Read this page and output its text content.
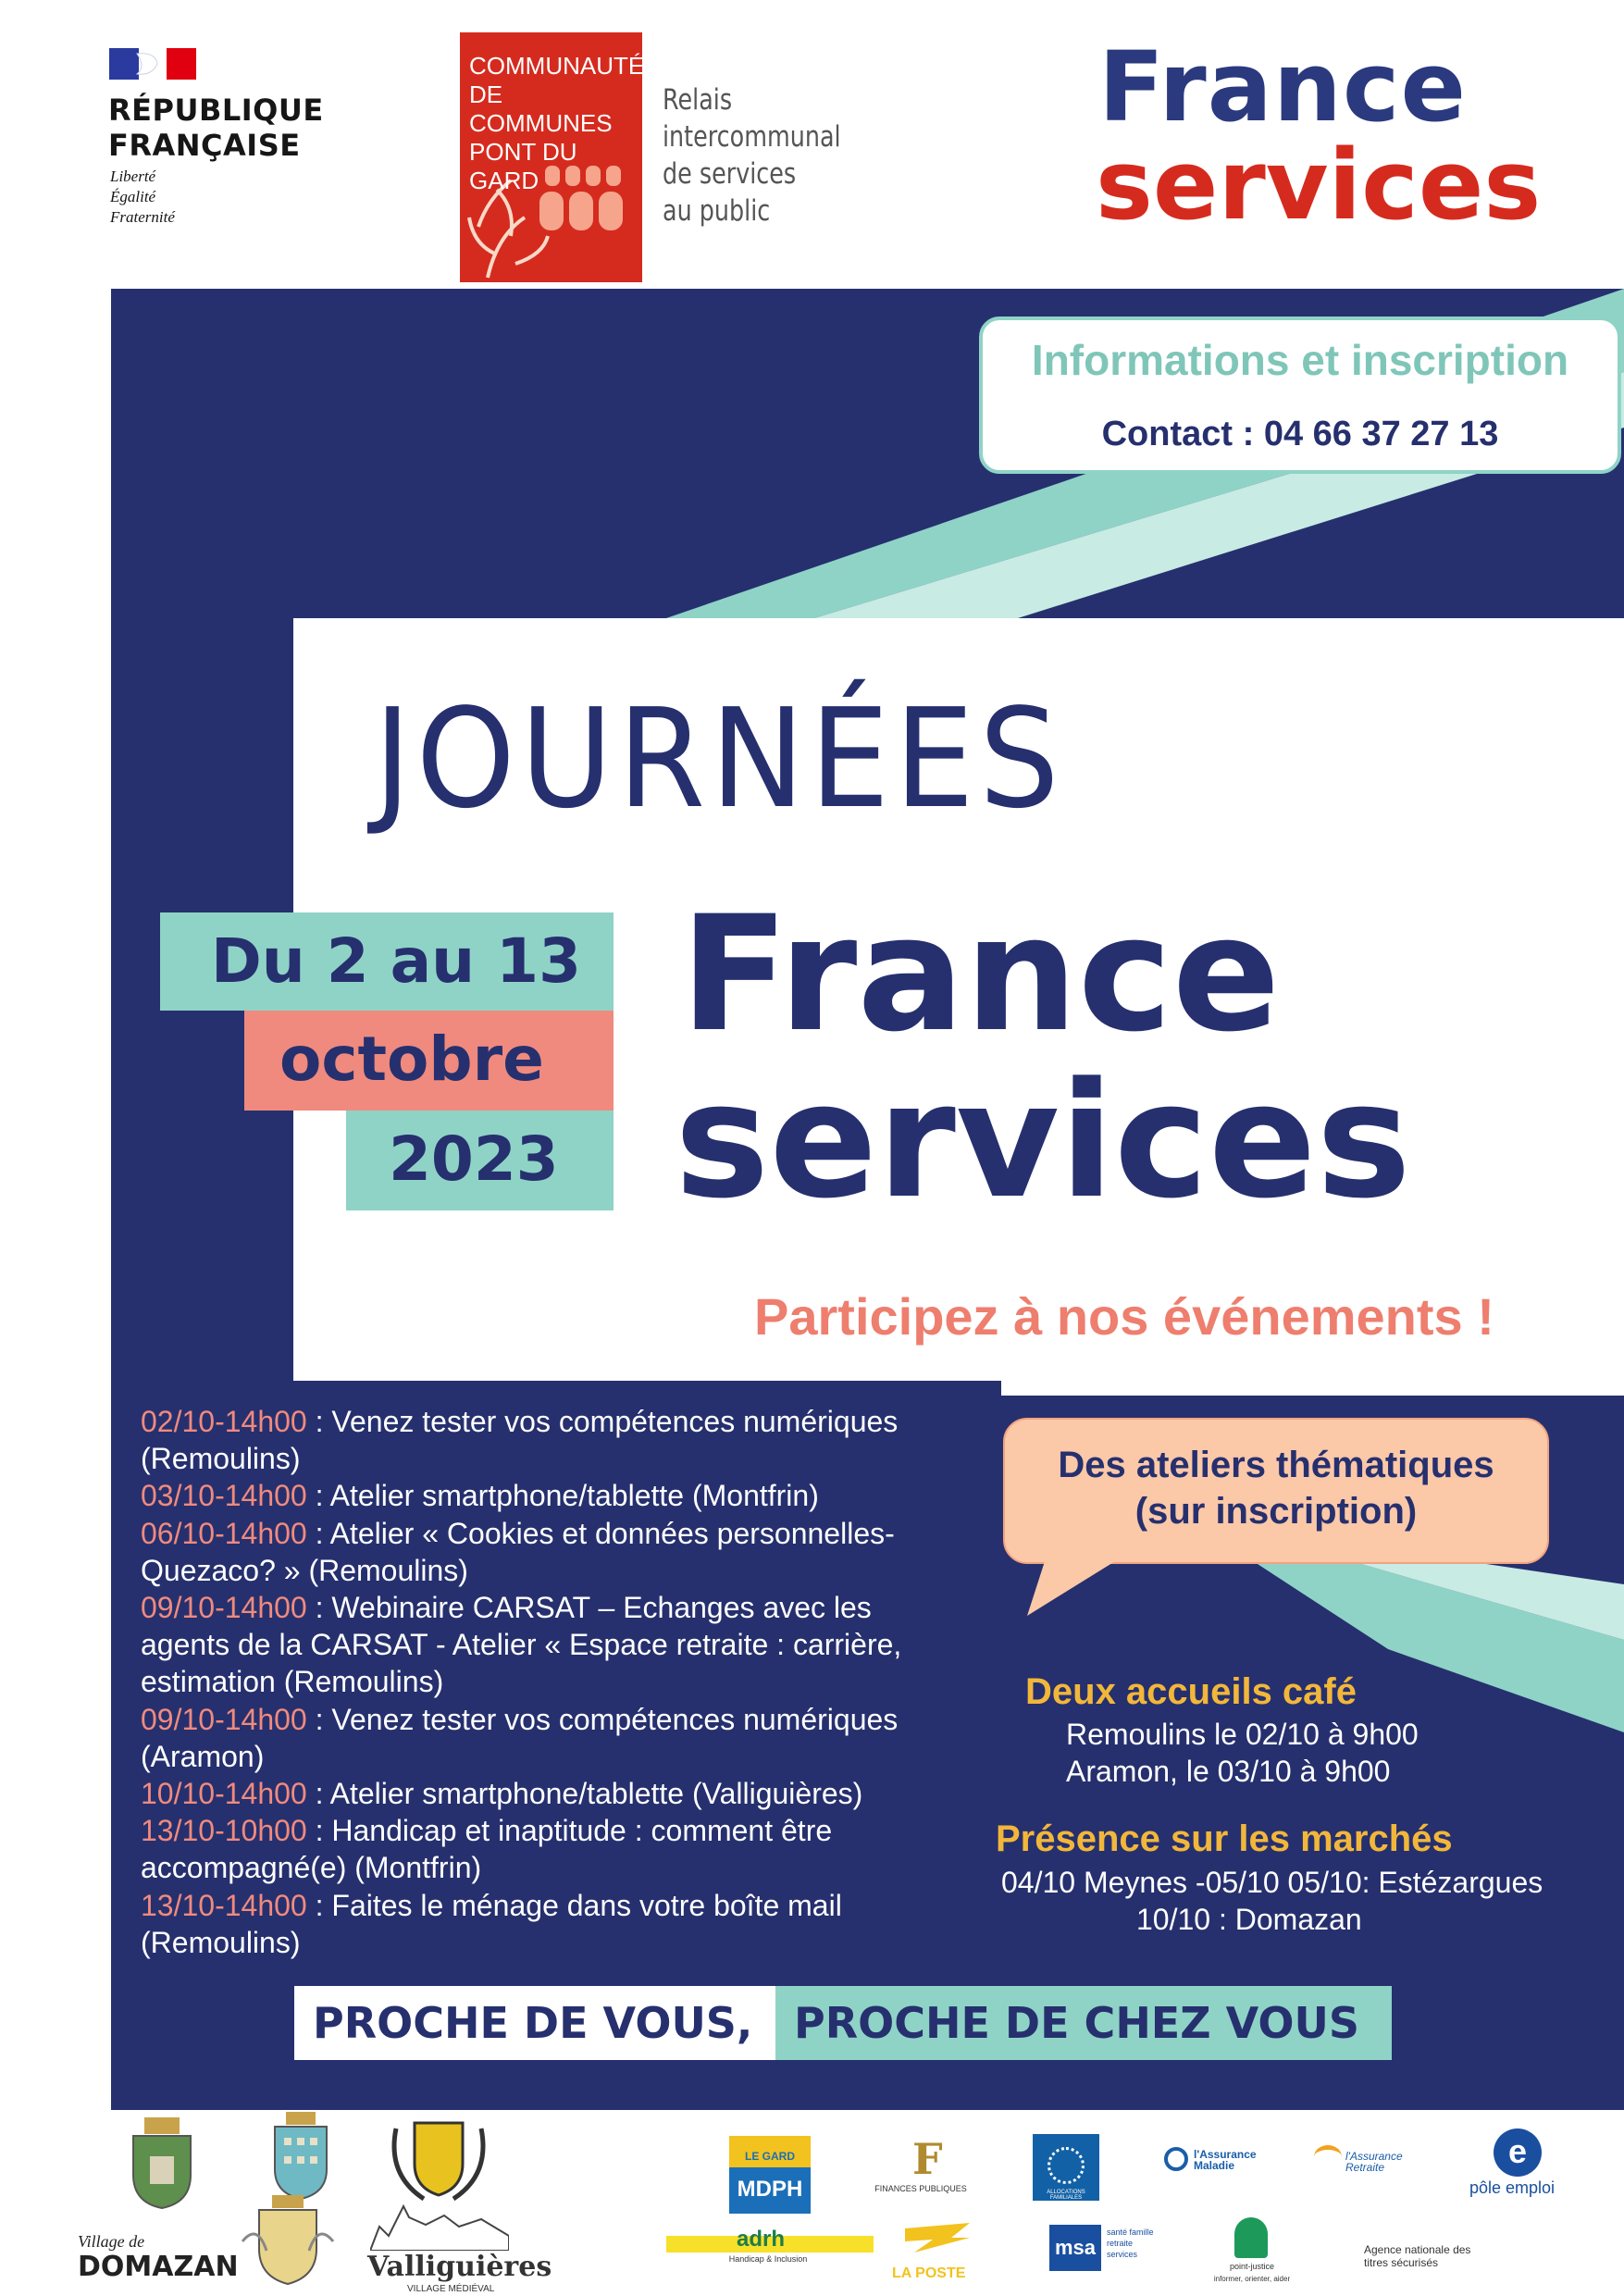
RÉPUBLIQUE
FRANÇAISE
Liberté
Égalité
Fraternité
COMMUNAUTÉ
DE COMMUNES
PONT DU GARD
Relais
intercommunal
de services
au public
France
services
Informations et inscription
Contact : 04 66 37 27 13
JOURNÉES
France
services
Du 2 au 13
octobre
2023
Participez à nos événements !
02/10-14h00 : Venez tester vos compétences numériques
(Remoulins)
03/10-14h00 : Atelier smartphone/tablette (Montfrin)
06/10-14h00 : Atelier « Cookies et données personnelles-
Quezaco? » (Remoulins)
09/10-14h00 : Webinaire CARSAT – Echanges avec les
agents de la CARSAT - Atelier « Espace retraite : carrière,
estimation (Remoulins)
09/10-14h00 : Venez tester vos compétences numériques
(Aramon)
10/10-14h00 : Atelier smartphone/tablette (Valliguières)
13/10-10h00 : Handicap et inaptitude : comment être
accompagné(e) (Montfrin)
13/10-14h00 : Faites le ménage dans votre boîte mail
(Remoulins)
Des ateliers thématiques
(sur inscription)
Deux accueils café
Remoulins le 02/10 à 9h00
Aramon, le 03/10 à 9h00
Présence sur les marchés
04/10 Meynes -05/10 05/10: Estézargues
10/10 : Domazan
PROCHE DE VOUS, PROCHE DE CHEZ VOUS
Village de
DOMAZAN	Valliguières
VILLAGE MÉDIÉVAL
LE GARD
MDPH
F
FINANCES PUBLIQUES	ALLOCATIONS FAMILIALES
l'Assurance Maladie
l'Assurance Retraite	e
pôle emploi
adrh
Handicap & Inclusion
LA POSTE
msa
santé famille retraite services
point-justice
informer, orienter, aider
Agence nationale des titres sécurisés
